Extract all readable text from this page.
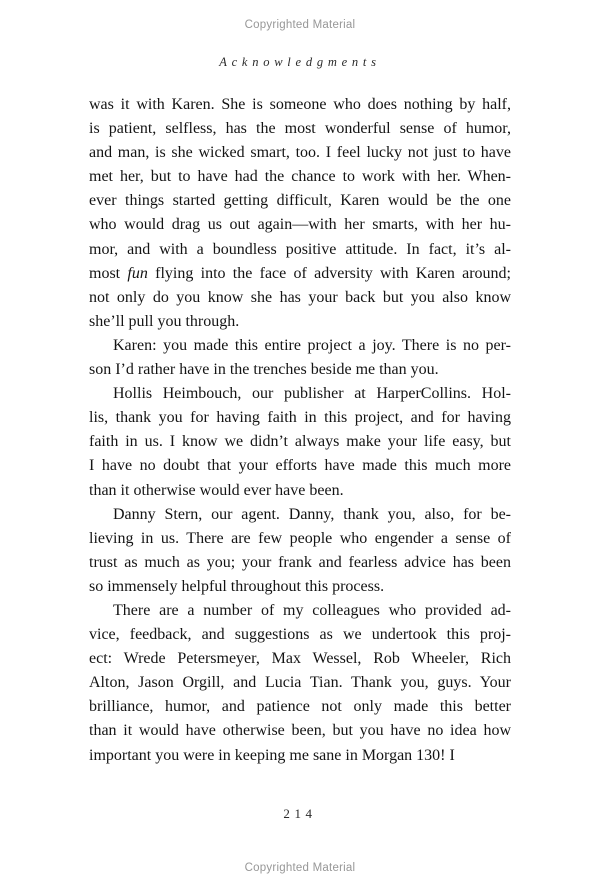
Copyrighted Material
Acknowledgments
was it with Karen. She is someone who does nothing by half,
is patient, selfless, has the most wonderful sense of humor,
and man, is she wicked smart, too. I feel lucky not just to have
met her, but to have had the chance to work with her. When-
ever things started getting difficult, Karen would be the one
who would drag us out again—with her smarts, with her hu-
mor, and with a boundless positive attitude. In fact, it’s al-
most fun flying into the face of adversity with Karen around;
not only do you know she has your back but you also know
she’ll pull you through.
Karen: you made this entire project a joy. There is no per-
son I’d rather have in the trenches beside me than you.
Hollis Heimbouch, our publisher at HarperCollins. Hol-
lis, thank you for having faith in this project, and for having
faith in us. I know we didn’t always make your life easy, but
I have no doubt that your efforts have made this much more
than it otherwise would ever have been.
Danny Stern, our agent. Danny, thank you, also, for be-
lieving in us. There are few people who engender a sense of
trust as much as you; your frank and fearless advice has been
so immensely helpful throughout this process.
There are a number of my colleagues who provided ad-
vice, feedback, and suggestions as we undertook this proj-
ect: Wrede Petersmeyer, Max Wessel, Rob Wheeler, Rich
Alton, Jason Orgill, and Lucia Tian. Thank you, guys. Your
brilliance, humor, and patience not only made this better
than it would have otherwise been, but you have no idea how
important you were in keeping me sane in Morgan 130! I
214
Copyrighted Material
